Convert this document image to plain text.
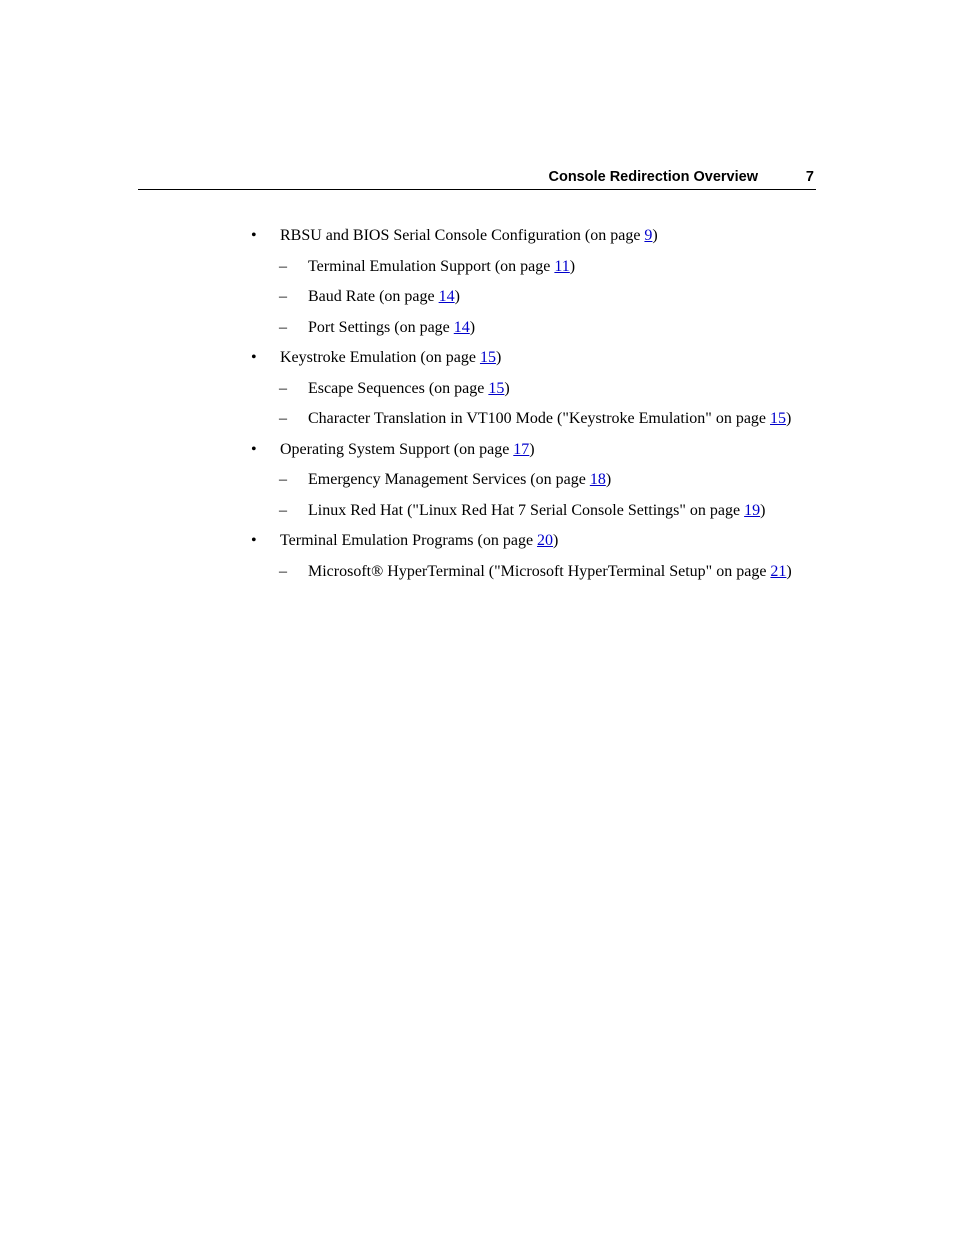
Console Redirection Overview	7

• RBSU and BIOS Serial Console Configuration (on page 9)

– Terminal Emulation Support (on page 11)

– Baud Rate (on page 14)

– Port Settings (on page 14)

• Keystroke Emulation (on page 15)

– Escape Sequences (on page 15)

– Character Translation in VT100 Mode ("Keystroke Emulation" on page 15)

• Operating System Support (on page 17)

– Emergency Management Services (on page 18)

– Linux Red Hat ("Linux Red Hat 7 Serial Console Settings" on page 19)

• Terminal Emulation Programs (on page 20)

– Microsoft® HyperTerminal ("Microsoft HyperTerminal Setup" on page 21)
